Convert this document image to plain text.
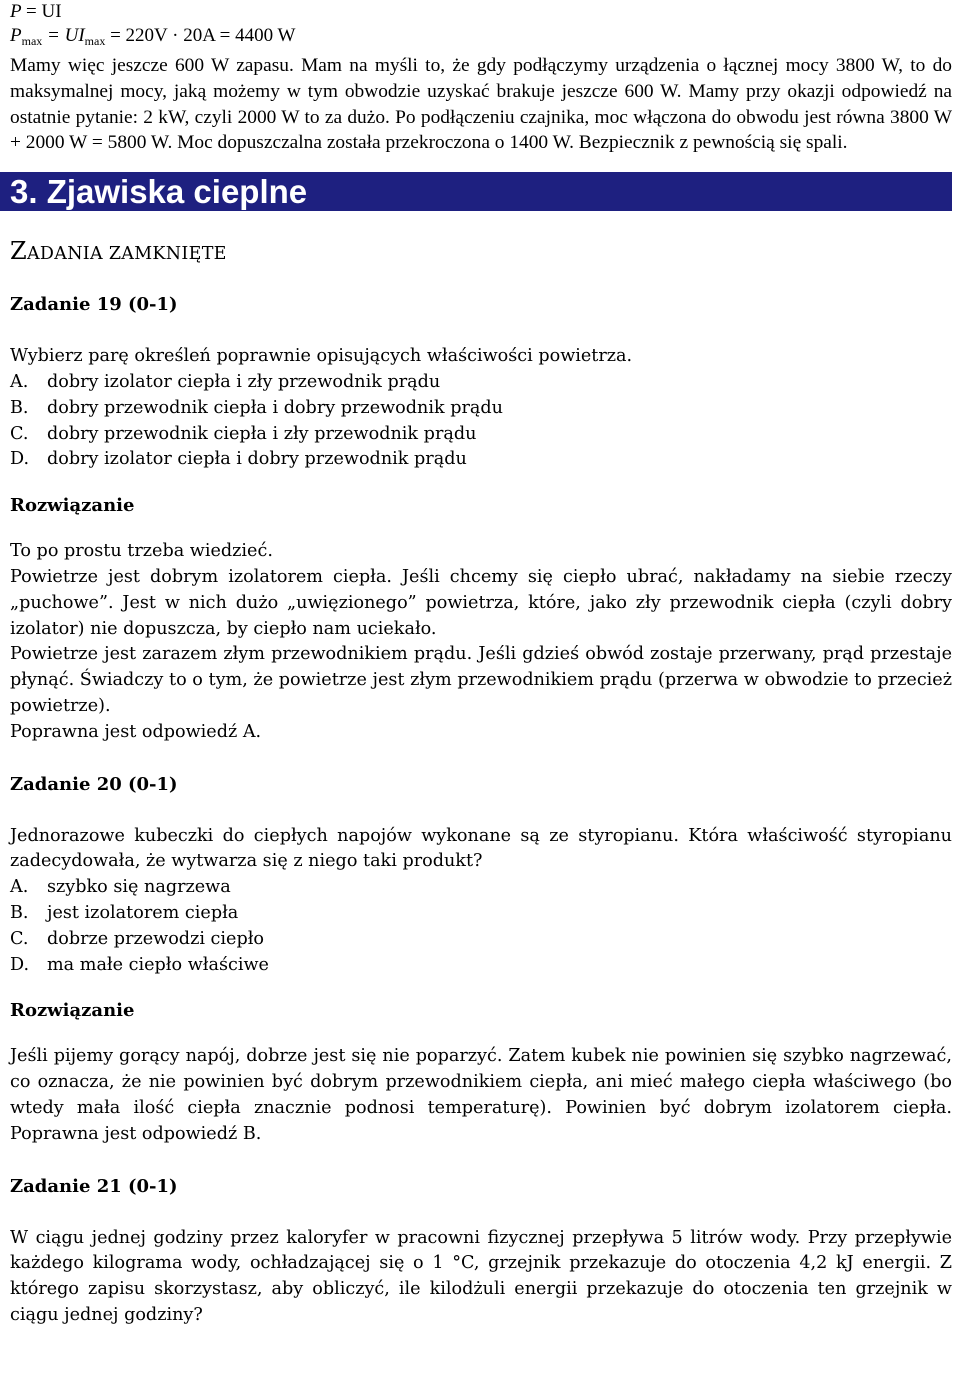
P = UI
$P_{max} = UI_{max} = 220V \cdot 20A = 4400$ W

Mamy więc jeszcze 600 W zapasu. Mam na myśli to, że gdy podłączymy urządzenia o łącznej mocy 3800 W, to do maksymalnej mocy, jaką możemy w tym obwodzie uzyskać brakuje jeszcze 600 W. Mamy przy okazji odpowiedź na ostatnie pytanie: 2 kW, czyli 2000 W to za dużo. Po podłączeniu czajnika, moc włączona do obwodu jest równa 3800 W + 2000 W = 5800 W. Moc dopuszczalna została przekroczona o 1400 W. Bezpiecznik z pewnością się spali.

3. Zjawiska cieplne
ZADANIA ZAMKNIĘTE
Zadanie 19 (0-1)

Wybierz parę określeń poprawnie opisujących właściwości powietrza.

A.	dobry izolator ciepła i zły przewodnik prądu
B.	dobry przewodnik ciepła i dobry przewodnik prądu
C.	dobry przewodnik ciepła i zły przewodnik prądu
D.	dobry izolator ciepła i dobry przewodnik prądu
Rozwiązanie

To po prostu trzeba wiedzieć.

Powietrze jest dobrym izolatorem ciepła. Jeśli chcemy się ciepło ubrać, nakładamy na siebie rzeczy „puchowe”. Jest w nich dużo „uwięzionego” powietrza, które, jako zły przewodnik ciepła (czyli dobry izolator) nie dopuszcza, by ciepło nam uciekało.

Powietrze jest zarazem złym przewodnikiem prądu. Jeśli gdzieś obwód zostaje przerwany, prąd przestaje płynąć. Świadczy to o tym, że powietrze jest złym przewodnikiem prądu (przerwa w obwodzie to przecież powietrze).

Poprawna jest odpowiedź A.

Zadanie 20 (0-1)

Jednorazowe kubeczki do ciepłych napojów wykonane są ze styropianu. Która właściwość styropianu zadecydowała, że wytwarza się z niego taki produkt?

A.	szybko się nagrzewa
B.	jest izolatorem ciepła
C.	dobrze przewodzi ciepło
D.	ma małe ciepło właściwe
Rozwiązanie

Jeśli pijemy gorący napój, dobrze jest się nie poparzyć. Zatem kubek nie powinien się szybko nagrzewać, co oznacza, że nie powinien być dobrym przewodnikiem ciepła, ani mieć małego ciepła właściwego (bo wtedy mała ilość ciepła znacznie podnosi temperaturę). Powinien być dobrym izolatorem ciepła. Poprawna jest odpowiedź B.

Zadanie 21 (0-1)

W ciągu jednej godziny przez kaloryfer w pracowni fizycznej przepływa 5 litrów wody. Przy przepływie każdego kilograma wody, ochładzającej się o 1 °C, grzejnik przekazuje do otoczenia 4,2 kJ energii. Z którego zapisu skorzystasz, aby obliczyć, ile kilodżuli energii przekazuje do otoczenia ten grzejnik w ciągu jednej godziny?
